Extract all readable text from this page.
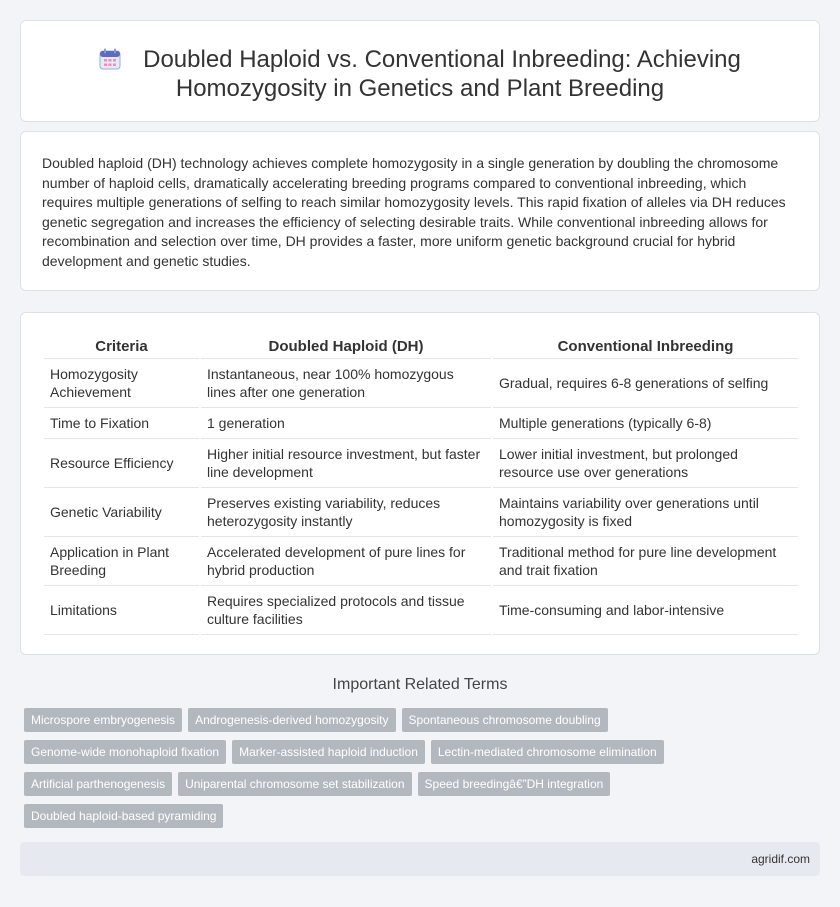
Doubled Haploid vs. Conventional Inbreeding: Achieving Homozygosity in Genetics and Plant Breeding

Doubled haploid (DH) technology achieves complete homozygosity in a single generation by doubling the chromosome number of haploid cells, dramatically accelerating breeding programs compared to conventional inbreeding, which requires multiple generations of selfing to reach similar homozygosity levels. This rapid fixation of alleles via DH reduces genetic segregation and increases the efficiency of selecting desirable traits. While conventional inbreeding allows for recombination and selection over time, DH provides a faster, more uniform genetic background crucial for hybrid development and genetic studies.

Criteria	Doubled Haploid (DH)	Conventional Inbreeding
Homozygosity Achievement	Instantaneous, near 100% homozygous lines after one generation	Gradual, requires 6-8 generations of selfing
Time to Fixation	1 generation	Multiple generations (typically 6-8)
Resource Efficiency	Higher initial resource investment, but faster line development	Lower initial investment, but prolonged resource use over generations
Genetic Variability	Preserves existing variability, reduces heterozygosity instantly	Maintains variability over generations until homozygosity is fixed
Application in Plant Breeding	Accelerated development of pure lines for hybrid production	Traditional method for pure line development and trait fixation
Limitations	Requires specialized protocols and tissue culture facilities	Time-consuming and labor-intensive
Important Related Terms
Microspore embryogenesis Androgenesis-derived homozygosity Spontaneous chromosome doubling
Genome-wide monohaploid fixation Marker-assisted haploid induction Lectin-mediated chromosome elimination
Artificial parthenogenesis Uniparental chromosome set stabilization Speed breedingâ€”DH integration
Doubled haploid-based pyramiding
agridif.com
